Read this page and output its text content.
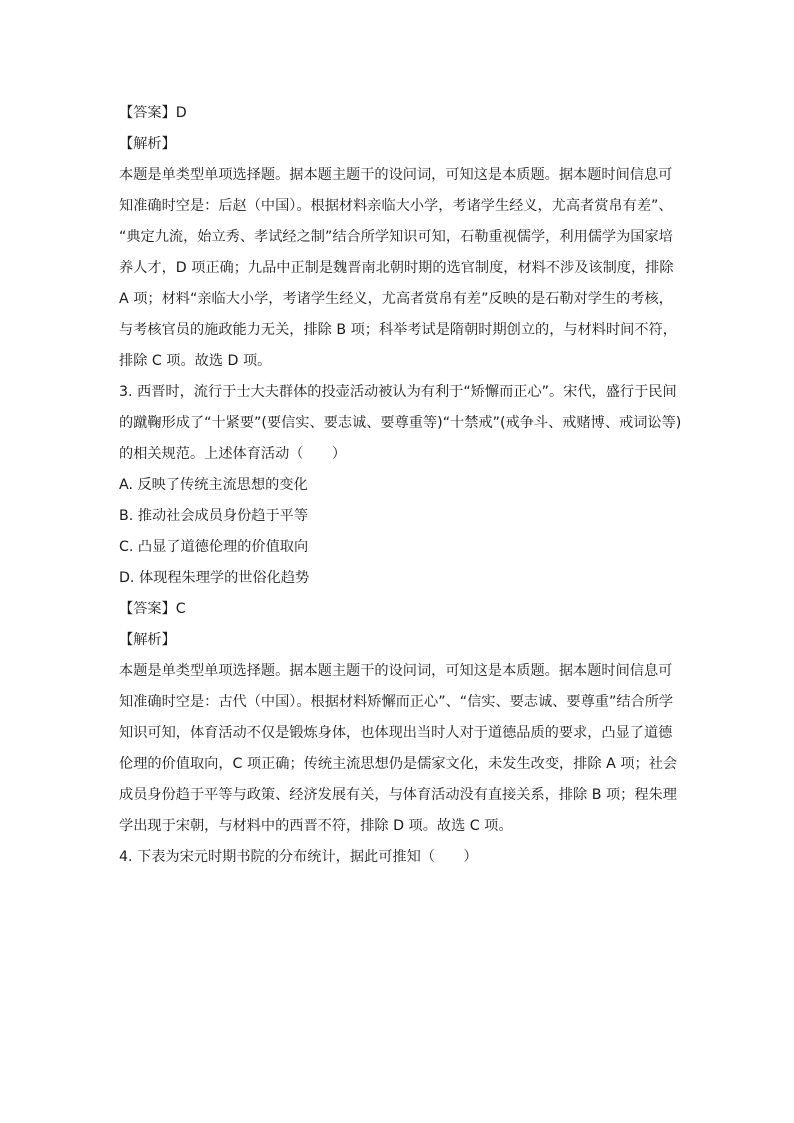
【答案】D

【解析】

本题是单类型单项选择题。据本题主题干的设问词，可知这是本质题。据本题时间信息可

知准确时空是：后赵（中国）。根据材料亲临大小学，考诸学生经义，尤高者赏帛有差”、

“典定九流，始立秀、孝试经之制”结合所学知识可知，石勒重视儒学，利用儒学为国家培

养人才，D 项正确；九品中正制是魏晋南北朝时期的选官制度，材料不涉及该制度，排除

A 项；材料“亲临大小学，考诸学生经义，尤高者赏帛有差”反映的是石勒对学生的考核，

与考核官员的施政能力无关，排除 B 项；科举考试是隋朝时期创立的，与材料时间不符，

排除 C 项。故选 D 项。

3. 西晋时，流行于士大夫群体的投壶活动被认为有利于“矫懈而正心”。宋代，盛行于民间

的蹴鞠形成了“十紧要”(要信实、要志诚、要尊重等)“十禁戒”(戒争斗、戒赌博、戒词讼等)

的相关规范。上述体育活动（　　）

A. 反映了传统主流思想的变化

B. 推动社会成员身份趋于平等

C. 凸显了道德伦理的价值取向

D. 体现程朱理学的世俗化趋势

【答案】C

【解析】

本题是单类型单项选择题。据本题主题干的设问词，可知这是本质题。据本题时间信息可

知准确时空是：古代（中国）。根据材料矫懈而正心”、“信实、要志诚、要尊重”结合所学

知识可知，体育活动不仅是锻炼身体，也体现出当时人对于道德品质的要求，凸显了道德

伦理的价值取向，C 项正确；传统主流思想仍是儒家文化，未发生改变，排除 A 项；社会

成员身份趋于平等与政策、经济发展有关，与体育活动没有直接关系，排除 B 项；程朱理

学出现于宋朝，与材料中的西晋不符，排除 D 项。故选 C 项。

4. 下表为宋元时期书院的分布统计，据此可推知（　　）
